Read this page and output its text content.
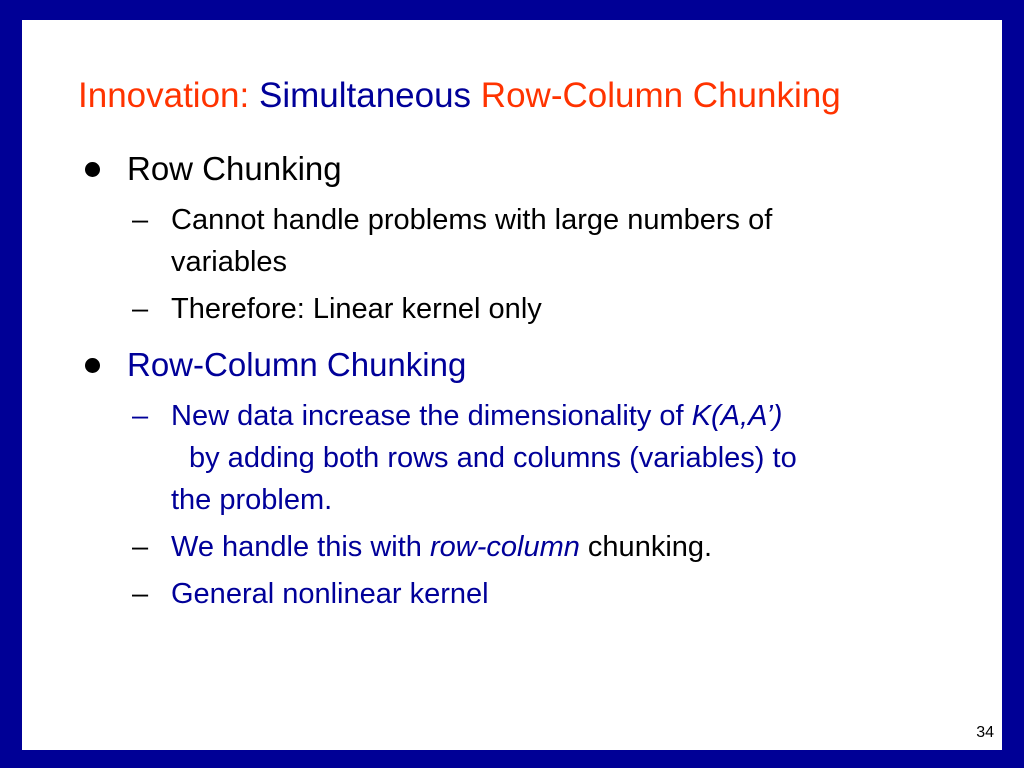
Innovation: Simultaneous Row-Column Chunking
Row Chunking
– Cannot handle problems with large numbers of
variables
– Therefore: Linear kernel only
Row-Column Chunking
– New data increase the dimensionality of K(A,A’)
by adding both rows and columns (variables) to
the problem.
– We handle this with row-column chunking.
– General nonlinear kernel
34
